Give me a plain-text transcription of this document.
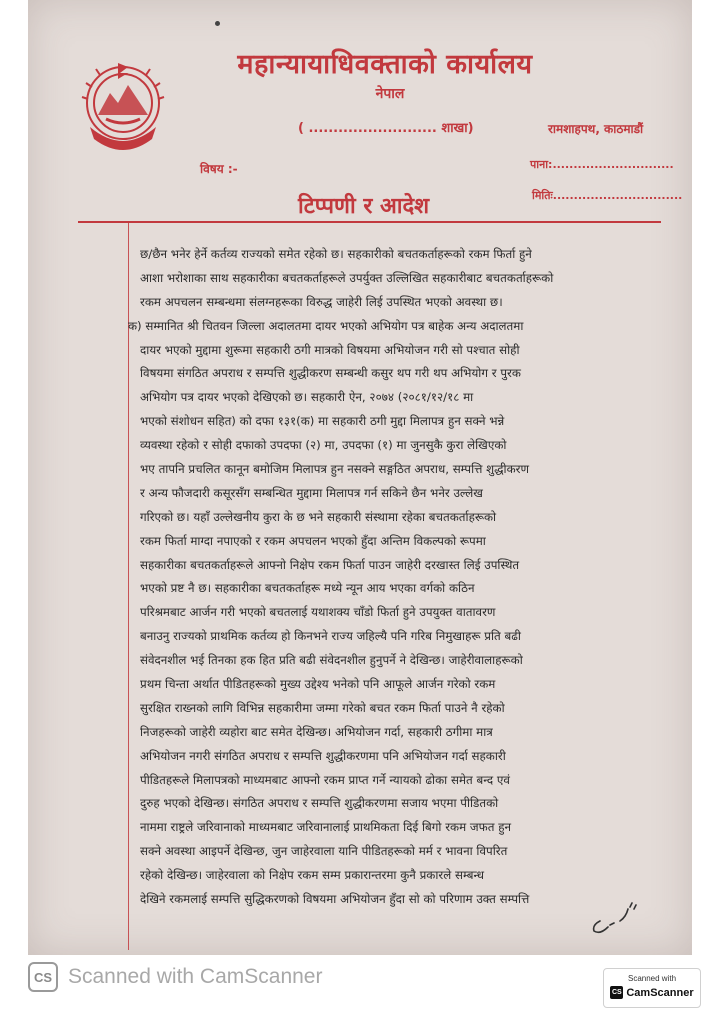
महान्यायाधिवक्ताको कार्यालय
नेपाल
( .......................... शाखा)	रामशाहपथ, काठमाडौं
विषय :-	पाना:.............................
मितिः...............................
टिप्पणी र आदेश
छ/छैन भनेर हेर्ने कर्तव्य राज्यको समेत रहेको छ। सहकारीको बचतकर्ताहरूको रकम फिर्ता हुने
आशा भरोशाका साथ सहकारीका बचतकर्ताहरूले उपर्युक्त उल्लिखित सहकारीबाट बचतकर्ताहरूको
रकम अपचलन सम्बन्धमा संलग्नहरूका विरुद्ध जाहेरी लिई उपस्थित भएको अवस्था छ।
क) सम्मानित श्री चितवन जिल्ला अदालतमा दायर भएको अभियोग पत्र बाहेक अन्य अदालतमा
दायर भएको मुद्दामा शुरूमा सहकारी ठगी मात्रको विषयमा अभियोजन गरी सो पश्चात सोही
विषयमा संगठित अपराध र सम्पत्ति शुद्धीकरण सम्बन्धी कसुर थप गरी थप अभियोग र पुरक
अभियोग पत्र दायर भएको देखिएको छ। सहकारी ऐन, २०७४ (२०८१/१२/१८ मा
भएको संशोधन सहित) को दफा १३१(क) मा सहकारी ठगी मुद्दा मिलापत्र हुन सक्ने भन्ने
व्यवस्था रहेको र सोही दफाको उपदफा (२) मा, उपदफा (१) मा जुनसुकै कुरा लेखिएको
भए तापनि प्रचलित कानून बमोजिम मिलापत्र हुन नसक्ने सङ्गठित अपराध, सम्पत्ति शुद्धीकरण
र अन्य फौजदारी कसूरसँग सम्बन्धित मुद्दामा मिलापत्र गर्न सकिने छैन भनेर उल्लेख
गरिएको छ। यहाँ उल्लेखनीय कुरा के छ भने सहकारी संस्थामा रहेका बचतकर्ताहरूको
रकम फिर्ता माग्दा नपाएको र रकम अपचलन भएको हुँदा अन्तिम विकल्पको रूपमा
सहकारीका बचतकर्ताहरूले आफ्नो निक्षेप रकम फिर्ता पाउन जाहेरी दरखास्त लिई उपस्थित
भएको प्रष्ट नै छ। सहकारीका बचतकर्ताहरू मध्ये न्यून आय भएका वर्गको कठिन
परिश्रमबाट आर्जन गरी भएको बचतलाई यथाशक्य चाँडो फिर्ता हुने उपयुक्त वातावरण
बनाउनु राज्यको प्राथमिक कर्तव्य हो किनभने राज्य जहिल्यै पनि गरिब निमुखाहरू प्रति बढी
संवेदनशील भई तिनका हक हित प्रति बढी संवेदनशील हुनुपर्ने ने देखिन्छ। जाहेरीवालाहरूको
प्रथम चिन्ता अर्थात पीडितहरूको मुख्य उद्देश्य भनेको पनि आफूले आर्जन गरेको रकम
सुरक्षित राख्नको लागि विभिन्न सहकारीमा जम्मा गरेको बचत रकम फिर्ता पाउने नै रहेको
निजहरूको जाहेरी व्यहोरा बाट समेत देखिन्छ। अभियोजन गर्दा, सहकारी ठगीमा मात्र
अभियोजन नगरी संगठित अपराध र सम्पत्ति शुद्धीकरणमा पनि अभियोजन गर्दा सहकारी
पीडितहरूले मिलापत्रको माध्यमबाट आफ्नो रकम प्राप्त गर्ने न्यायको ढोका समेत बन्द एवं
दुरुह भएको देखिन्छ। संगठित अपराध र सम्पत्ति शुद्धीकरणमा सजाय भएमा पीडितको
नाममा राष्ट्रले जरिवानाको माध्यमबाट जरिवानालाई प्राथमिकता दिई बिगो रकम जफत हुन
सक्ने अवस्था आइपर्ने देखिन्छ, जुन जाहेरवाला यानि पीडितहरूको मर्म र भावना विपरित
रहेको देखिन्छ। जाहेरवाला को निक्षेप रकम सम्म प्रकारान्तरमा कुनै प्रकारले सम्बन्ध
देखिने रकमलाई सम्पत्ति सुद्धिकरणको विषयमा अभियोजन हुँदा सो को परिणाम उक्त सम्पत्ति
CS Scanned with CamScanner	Scanned with
CS CamScanner
